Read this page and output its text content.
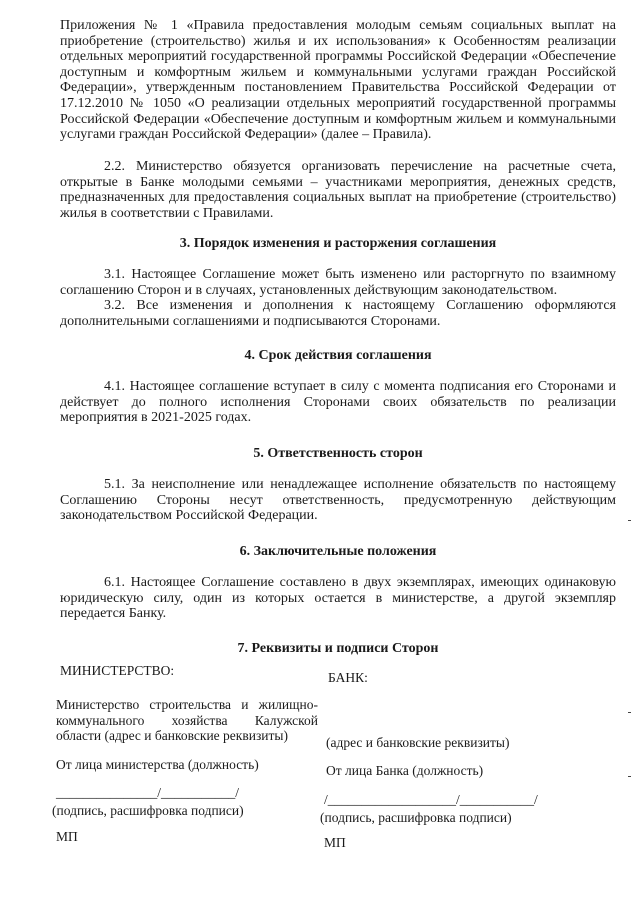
Приложения № 1 «Правила предоставления молодым семьям социальных выплат на приобретение (строительство) жилья и их использования» к Особенностям реализации отдельных мероприятий государственной программы Российской Федерации «Обеспечение доступным и комфортным жильем и коммунальными услугами граждан Российской Федерации», утвержденным постановлением Правительства Российской Федерации от 17.12.2010 № 1050 «О реализации отдельных мероприятий государственной программы Российской Федерации «Обеспечение доступным и комфортным жильем и коммунальными услугами граждан Российской Федерации» (далее – Правила).

2.2. Министерство обязуется организовать перечисление на расчетные счета, открытые в Банке молодыми семьями – участниками мероприятия, денежных средств, предназначенных для предоставления социальных выплат на приобретение (строительство) жилья в соответствии с Правилами.

3. Порядок изменения и расторжения соглашения

3.1. Настоящее Соглашение может быть изменено или расторгнуто по взаимному соглашению Сторон и в случаях, установленных действующим законодательством.

3.2. Все изменения и дополнения к настоящему Соглашению оформляются дополнительными соглашениями и подписываются Сторонами.

4. Срок действия соглашения

4.1. Настоящее соглашение вступает в силу с момента подписания его Сторонами и действует до полного исполнения Сторонами своих обязательств по реализации мероприятия в 2021-2025 годах.

5. Ответственность сторон

5.1. За неисполнение или ненадлежащее исполнение обязательств по настоящему Соглашению Стороны несут ответственность, предусмотренную действующим законодательством Российской Федерации.

6. Заключительные положения

6.1. Настоящее Соглашение составлено в двух экземплярах, имеющих одинаковую юридическую силу, один из которых остается в министерстве, а другой экземпляр передается Банку.

7. Реквизиты и подписи Сторон

МИНИСТЕРСТВО:

Министерство строительства и жилищно-коммунального хозяйства Калужской области (адрес и банковские реквизиты)

От лица министерства (должность)

_______________/___________/

(подпись, расшифровка подписи)

МП

БАНК:

(адрес и банковские реквизиты)

От лица Банка (должность)

/___________________/___________/

(подпись, расшифровка подписи)

МП
